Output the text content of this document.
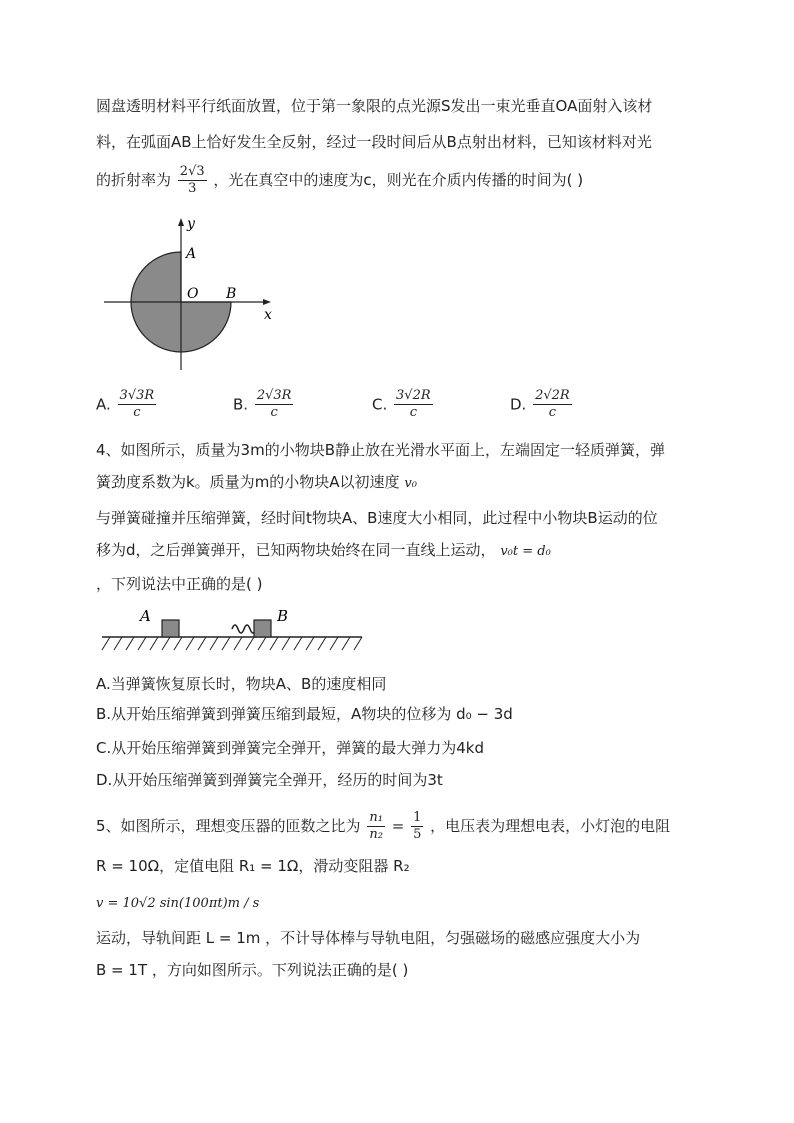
圆盘透明材料平行纸面放置，位于第一象限的点光源S发出一束光垂直OA面射入该材
料，在弧面AB上恰好发生全反射，经过一段时间后从B点射出材料，已知该材料对光
的折射率为 $\frac{2√3}{3}$ ，光在真空中的速度为c，则光在介质内传播的时间为( )
y
x
A
O B
A. $\frac{3√3R}{c}$	B. $\frac{2√3R}{c}$	C. $\frac{3√2R}{c}$	D. $\frac{2√2R}{c}$
4、如图所示，质量为3m的小物块B静止放在光滑水平面上，左端固定一轻质弹簧，弹
簧劲度系数为k。质量为m的小物块A以初速度 v₀
与弹簧碰撞并压缩弹簧，经时间t物块A、B速度大小相同，此过程中小物块B运动的位
移为d，之后弹簧弹开，已知两物块始终在同一直线上运动， v₀t = d₀
，下列说法中正确的是( )
A	B
A.当弹簧恢复原长时，物块A、B的速度相同
B.从开始压缩弹簧到弹簧压缩到最短，A物块的位移为 d₀ − 3d
C.从开始压缩弹簧到弹簧完全弹开，弹簧的最大弹力为4kd
D.从开始压缩弹簧到弹簧完全弹开，经历的时间为3t
5、如图所示，理想变压器的匝数之比为 $\frac{\text{n₁}}{\text{n₂}} = \frac{1}{5}$ ，电压表为理想电表，小灯泡的电阻
R = 10Ω，定值电阻 R₁ = 1Ω，滑动变阻器 R₂
v = 10√2 sin(100πt)m / s
运动，导轨间距 L = 1m ，不计导体棒与导轨电阻，匀强磁场的磁感应强度大小为
B = 1T ，方向如图所示。下列说法正确的是( )
